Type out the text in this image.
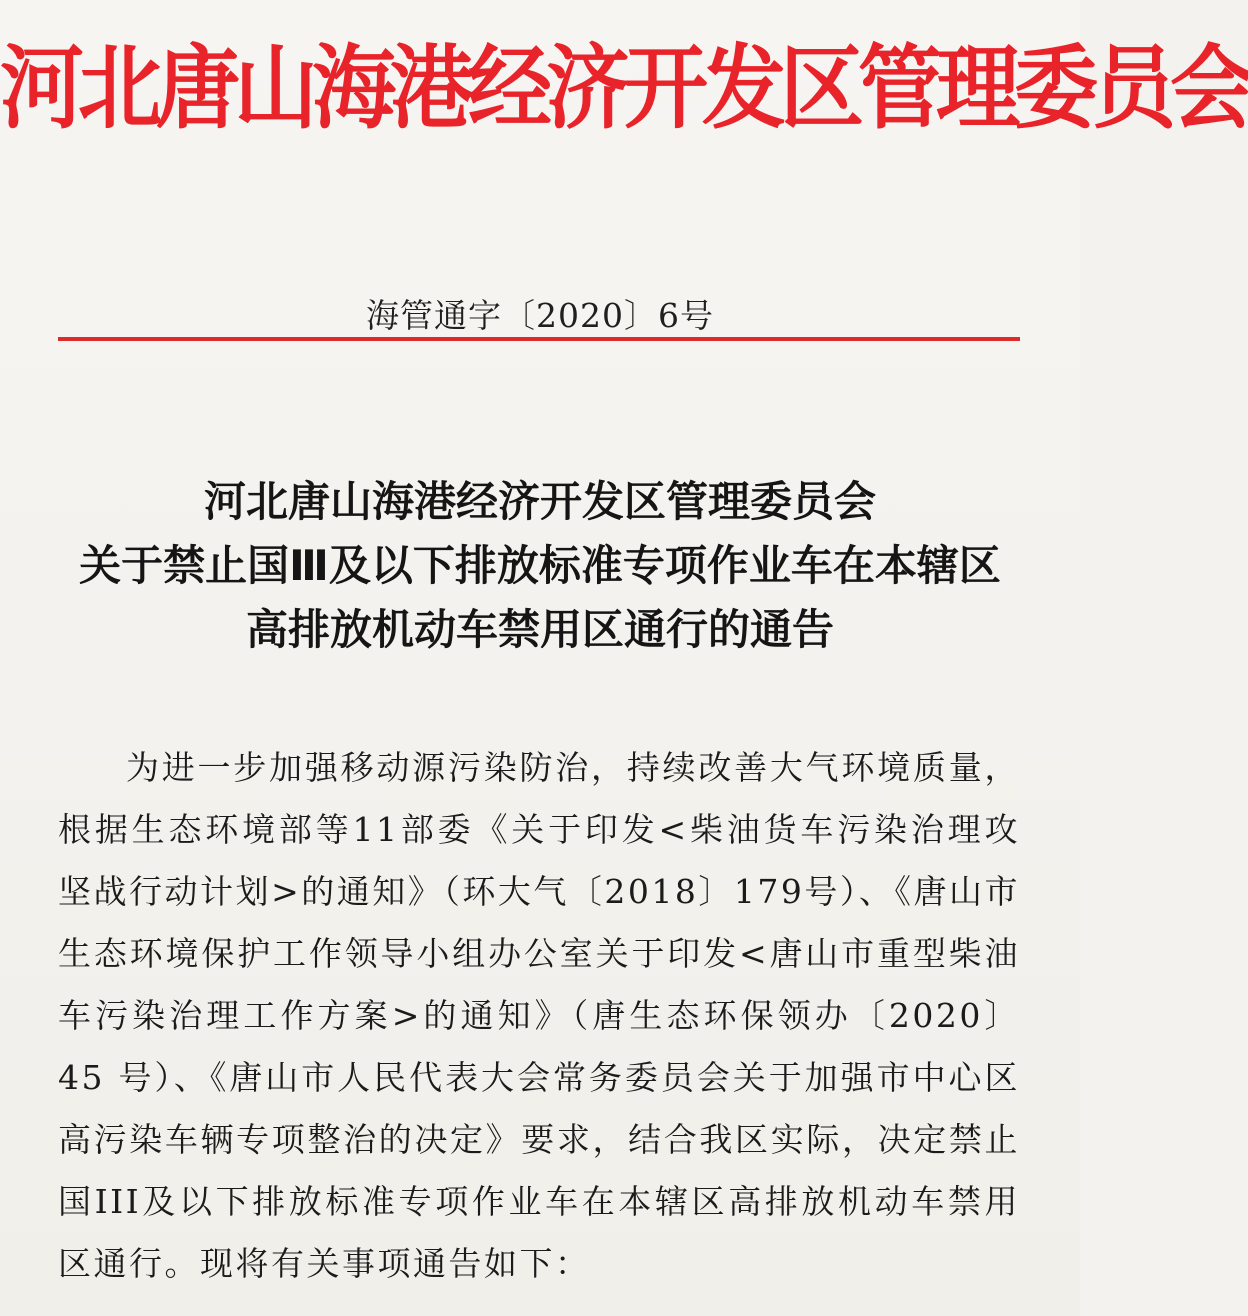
河北唐山海港经济开发区管理委员会
海管通字〔2020〕6号
河北唐山海港经济开发区管理委员会
关于禁止国Ⅲ及以下排放标准专项作业车在本辖区
高排放机动车禁用区通行的通告
为进一步加强移动源污染防治，持续改善大气环境质量，根据生态环境部等11部委《关于印发<柴油货车污染治理攻坚战行动计划>的通知》（环大气〔2018〕179号）、《唐山市生态环境保护工作领导小组办公室关于印发<唐山市重型柴油车污染治理工作方案>的通知》（唐生态环保领办〔2020〕45 号）、《唐山市人民代表大会常务委员会关于加强市中心区高污染车辆专项整治的决定》要求，结合我区实际，决定禁止国III及以下排放标准专项作业车在本辖区高排放机动车禁用区通行。现将有关事项通告如下：
